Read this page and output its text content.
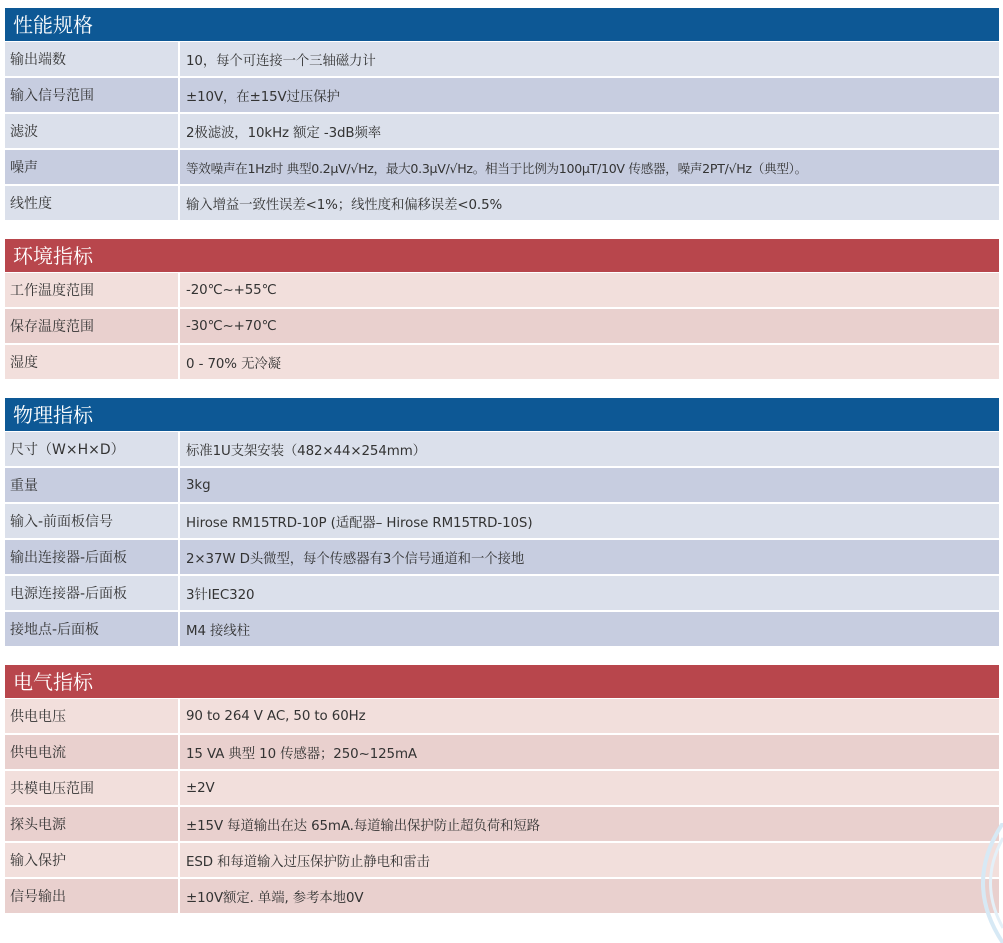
性能规格
输出端数	10，每个可连接一个三轴磁力计
输入信号范围	±10V，在±15V过压保护
滤波	2极滤波，10kHz 额定 -3dB频率
噪声	等效噪声在1Hz时 典型0.2μV/√Hz，最大0.3μV/√Hz。相当于比例为100μT/10V 传感器，噪声2PT/√Hz（典型）。
线性度	输入增益一致性误差<1%；线性度和偏移误差<0.5%
环境指标
工作温度范围	-20℃~+55℃
保存温度范围	-30℃~+70℃
湿度	0 - 70% 无冷凝
物理指标
尺寸（W×H×D）	标准1U支架安装（482×44×254mm）
重量	3kg
输入-前面板信号	Hirose RM15TRD-10P (适配器– Hirose RM15TRD-10S)
输出连接器-后面板	2×37W D头微型，每个传感器有3个信号通道和一个接地
电源连接器-后面板	3针IEC320
接地点-后面板	M4 接线柱
电气指标
供电电压	90 to 264 V AC, 50 to 60Hz
供电电流	15 VA 典型 10 传感器；250~125mA
共模电压范围	±2V
探头电源	±15V 每道输出在达 65mA.每道输出保护防止超负荷和短路
输入保护	ESD 和每道输入过压保护防止静电和雷击
信号输出	±10V额定. 单端, 参考本地0V
